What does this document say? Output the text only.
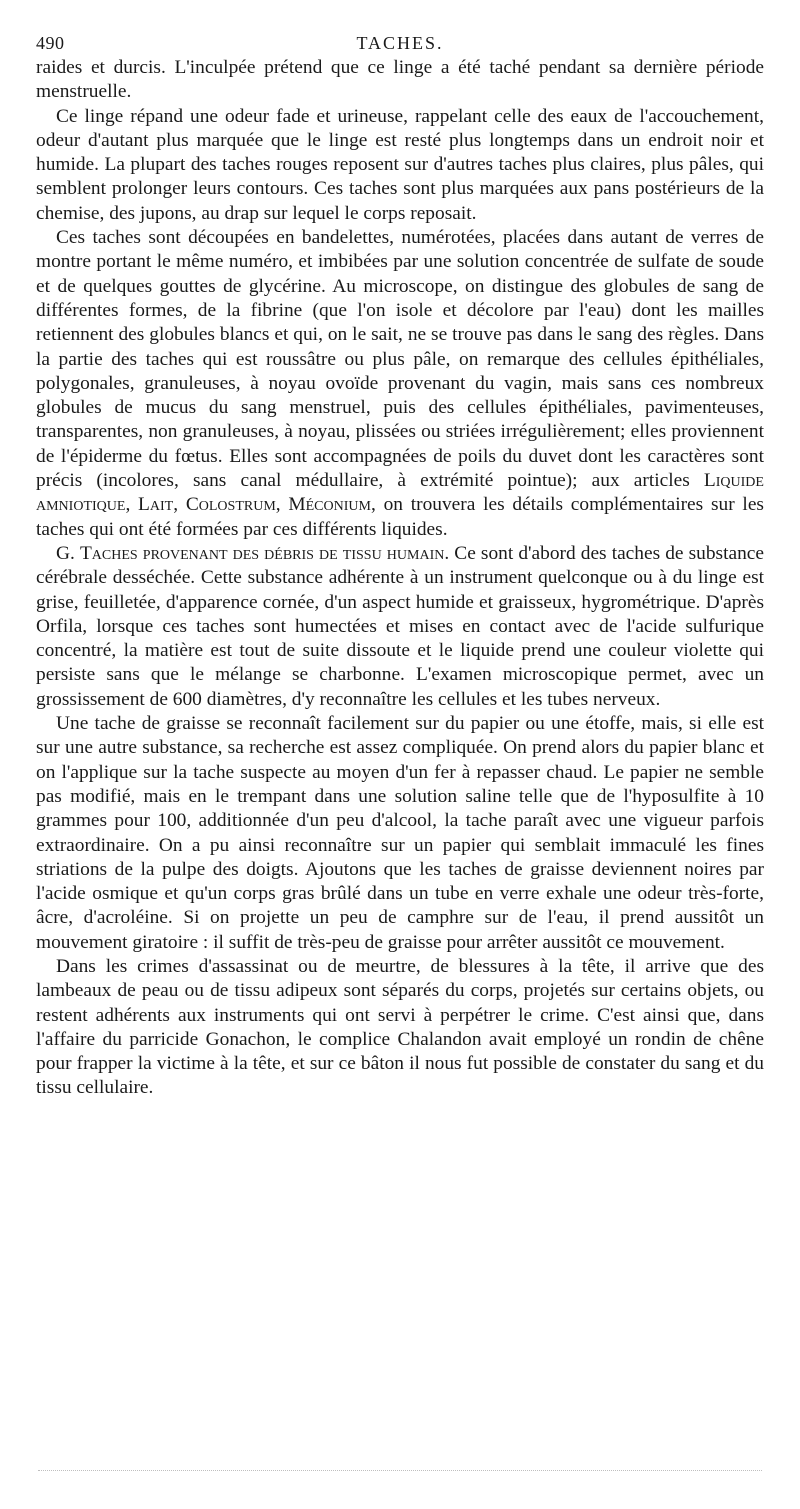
490	TACHES.

raides et durcis. L'inculpée prétend que ce linge a été taché pendant sa dernière période menstruelle.

Ce linge répand une odeur fade et urineuse, rappelant celle des eaux de l'accouchement, odeur d'autant plus marquée que le linge est resté plus longtemps dans un endroit noir et humide. La plupart des taches rouges reposent sur d'autres taches plus claires, plus pâles, qui semblent prolonger leurs contours. Ces taches sont plus marquées aux pans postérieurs de la chemise, des jupons, au drap sur lequel le corps reposait.

Ces taches sont découpées en bandelettes, numérotées, placées dans autant de verres de montre portant le même numéro, et imbibées par une solution concentrée de sulfate de soude et de quelques gouttes de glycérine. Au microscope, on distingue des globules de sang de différentes formes, de la fibrine (que l'on isole et décolore par l'eau) dont les mailles retiennent des globules blancs et qui, on le sait, ne se trouve pas dans le sang des règles. Dans la partie des taches qui est roussâtre ou plus pâle, on remarque des cellules épithéliales, polygonales, granuleuses, à noyau ovoïde provenant du vagin, mais sans ces nombreux globules de mucus du sang menstruel, puis des cellules épithéliales, pavimenteuses, transparentes, non granuleuses, à noyau, plissées ou striées irrégulièrement; elles proviennent de l'épiderme du fœtus. Elles sont accompagnées de poils du duvet dont les caractères sont précis (incolores, sans canal médullaire, à extrémité pointue); aux articles Liquide amniotique, Lait, Colostrum, Méconium, on trouvera les détails complémentaires sur les taches qui ont été formées par ces différents liquides.

G. Taches provenant des débris de tissu humain. Ce sont d'abord des taches de substance cérébrale desséchée. Cette substance adhérente à un instrument quelconque ou à du linge est grise, feuilletée, d'apparence cornée, d'un aspect humide et graisseux, hygrométrique. D'après Orfila, lorsque ces taches sont humectées et mises en contact avec de l'acide sulfurique concentré, la matière est tout de suite dissoute et le liquide prend une couleur violette qui persiste sans que le mélange se charbonne. L'examen microscopique permet, avec un grossissement de 600 diamètres, d'y reconnaître les cellules et les tubes nerveux.

Une tache de graisse se reconnaît facilement sur du papier ou une étoffe, mais, si elle est sur une autre substance, sa recherche est assez compliquée. On prend alors du papier blanc et on l'applique sur la tache suspecte au moyen d'un fer à repasser chaud. Le papier ne semble pas modifié, mais en le trempant dans une solution saline telle que de l'hyposulfite à 10 grammes pour 100, additionnée d'un peu d'alcool, la tache paraît avec une vigueur parfois extraordinaire. On a pu ainsi reconnaître sur un papier qui semblait immaculé les fines striations de la pulpe des doigts. Ajoutons que les taches de graisse deviennent noires par l'acide osmique et qu'un corps gras brûlé dans un tube en verre exhale une odeur très-forte, âcre, d'acroléine. Si on projette un peu de camphre sur de l'eau, il prend aussitôt un mouvement giratoire : il suffit de très-peu de graisse pour arrêter aussitôt ce mouvement.

Dans les crimes d'assassinat ou de meurtre, de blessures à la tête, il arrive que des lambeaux de peau ou de tissu adipeux sont séparés du corps, projetés sur certains objets, ou restent adhérents aux instruments qui ont servi à perpétrer le crime. C'est ainsi que, dans l'affaire du parricide Gonachon, le complice Chalandon avait employé un rondin de chêne pour frapper la victime à la tête, et sur ce bâton il nous fut possible de constater du sang et du tissu cellulaire.
